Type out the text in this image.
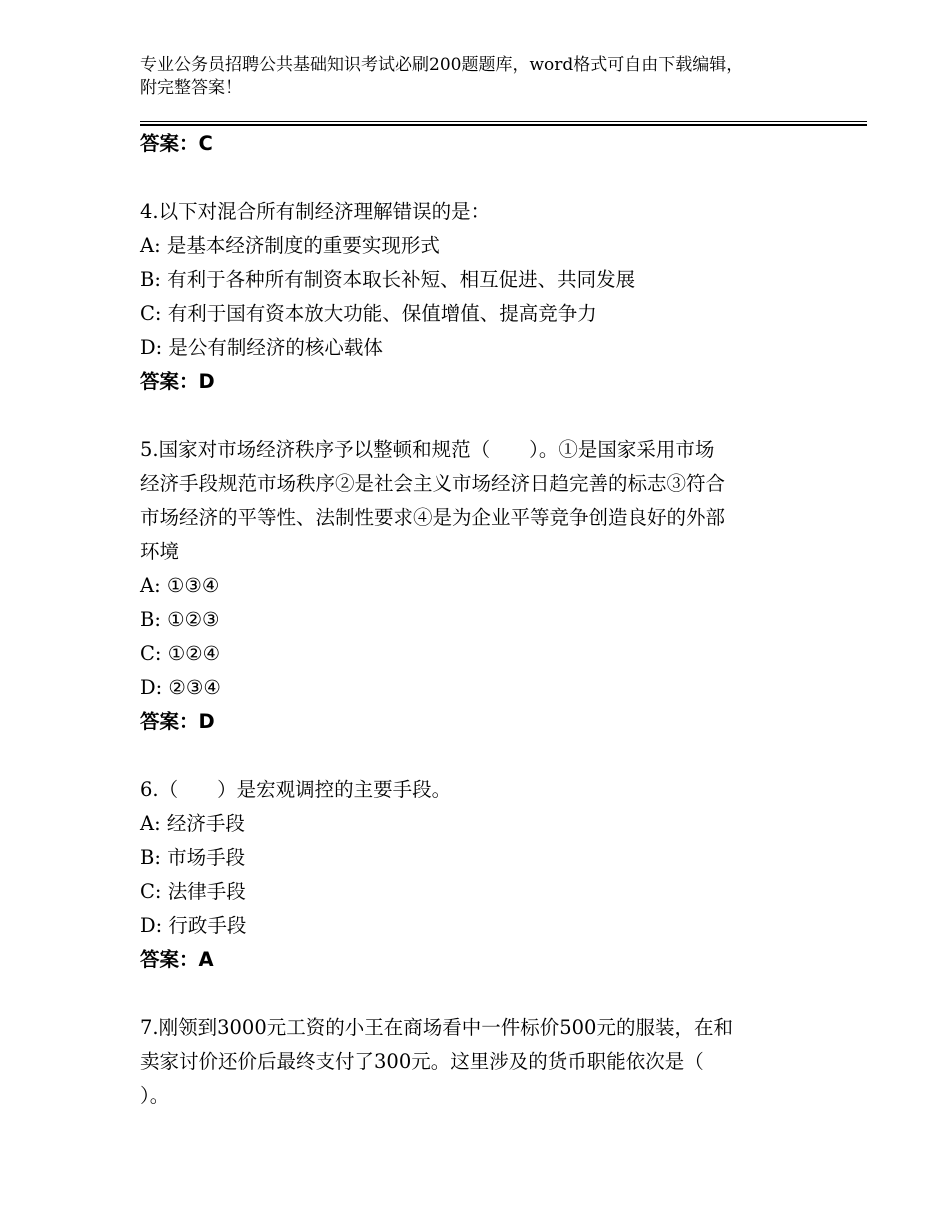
专业公务员招聘公共基础知识考试必刷200题题库，word格式可自由下载编辑，
附完整答案！
答案：C
4.以下对混合所有制经济理解错误的是：
A: 是基本经济制度的重要实现形式
B: 有利于各种所有制资本取长补短、相互促进、共同发展
C: 有利于国有资本放大功能、保值增值、提高竞争力
D: 是公有制经济的核心载体
答案：D
5.国家对市场经济秩序予以整顿和规范（　　）。①是国家采用市场
经济手段规范市场秩序②是社会主义市场经济日趋完善的标志③符合
市场经济的平等性、法制性要求④是为企业平等竞争创造良好的外部
环境
A: ①③④
B: ①②③
C: ①②④
D: ②③④
答案：D
6.（　　）是宏观调控的主要手段。
A: 经济手段
B: 市场手段
C: 法律手段
D: 行政手段
答案：A
7.刚领到3000元工资的小王在商场看中一件标价500元的服装，在和
卖家讨价还价后最终支付了300元。这里涉及的货币职能依次是（
）。
